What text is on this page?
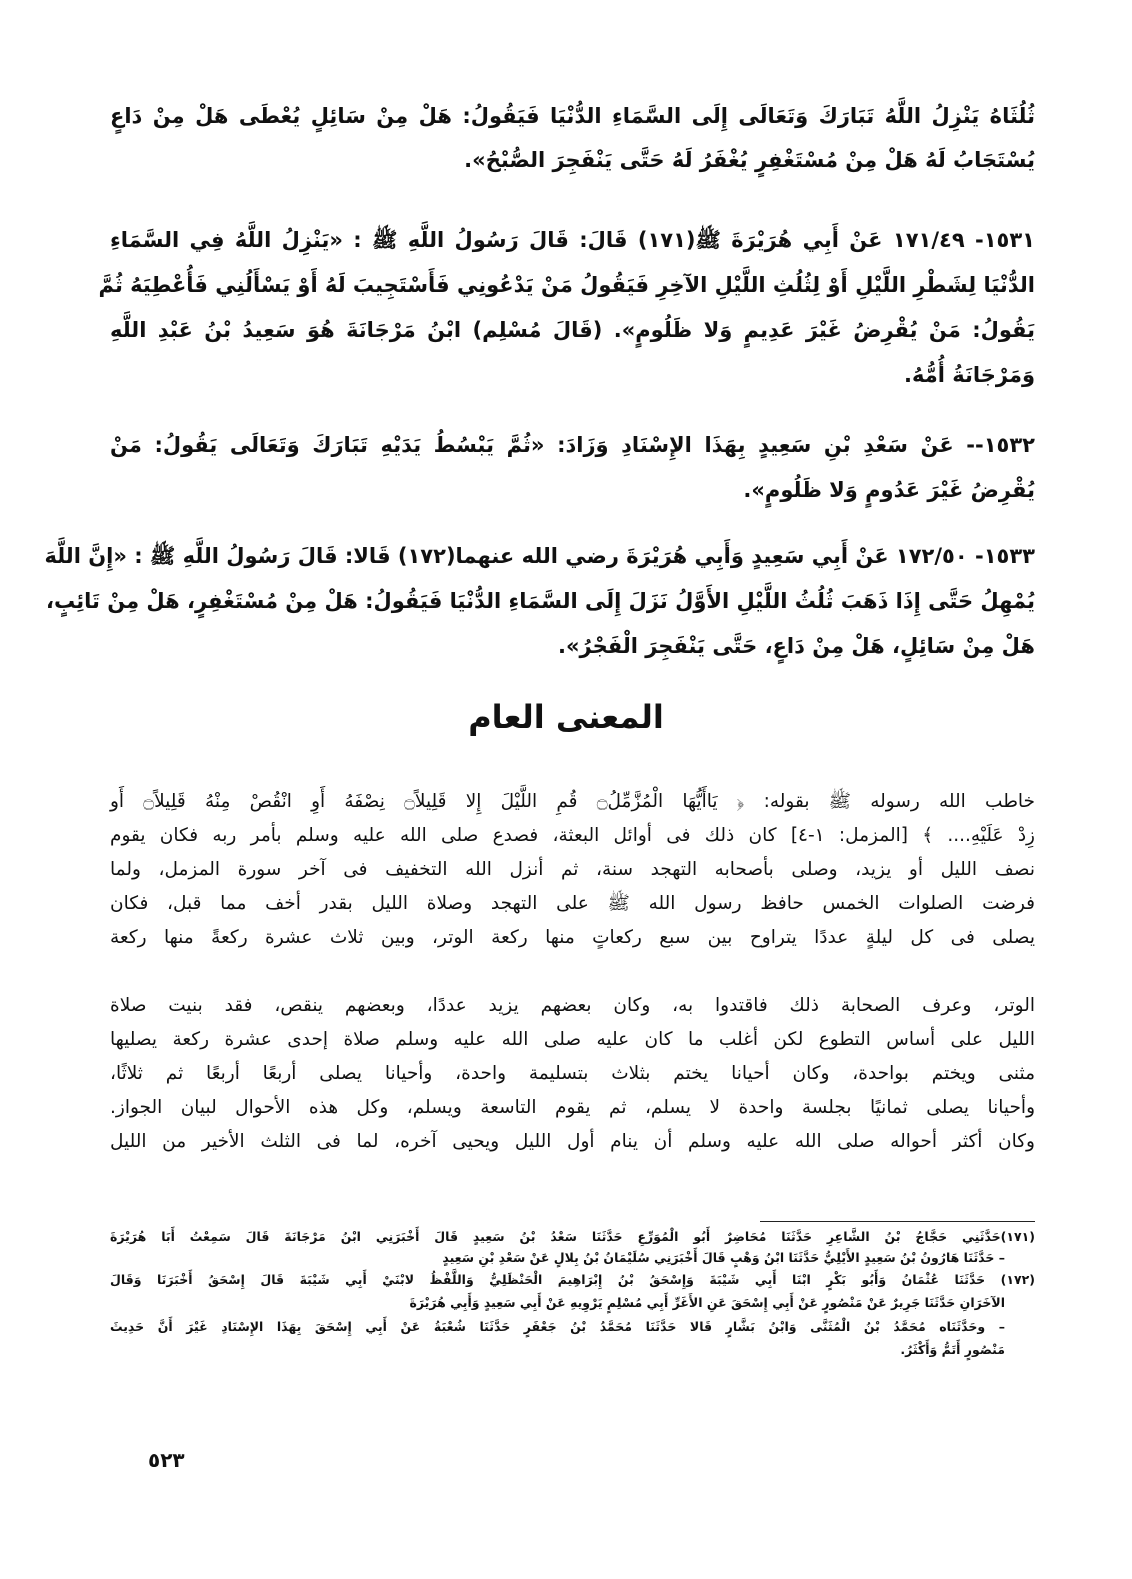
ثُلُثَاهُ يَنْزِلُ اللَّهُ تَبَارَكَ وَتَعَالَى إِلَى السَّمَاءِ الدُّنْيَا فَيَقُولُ: هَلْ مِنْ سَائِلٍ يُعْطَى هَلْ مِنْ دَاعٍ
يُسْتَجَابُ لَهُ هَلْ مِنْ مُسْتَغْفِرٍ يُغْفَرُ لَهُ حَتَّى يَنْفَجِرَ الصُّبْحُ».
١٥٣١- ١٧١/٤٩ عَنْ أَبِي هُرَيْرَةَ ﷺ(١٧١) قَالَ: قَالَ رَسُولُ اللَّهِ ﷺ : «يَنْزِلُ اللَّهُ فِي السَّمَاءِ
الدُّنْيَا لِشَطْرِ اللَّيْلِ أَوْ لِثُلُثِ اللَّيْلِ الآخِرِ فَيَقُولُ مَنْ يَدْعُونِي فَأَسْتَجِيبَ لَهُ أَوْ يَسْأَلُنِي فَأُعْطِيَهُ ثُمَّ
يَقُولُ: مَنْ يُقْرِضُ غَيْرَ عَدِيمٍ وَلا ظَلُومٍ». (قَالَ مُسْلِم) ابْنُ مَرْجَانَةَ هُوَ سَعِيدُ بْنُ عَبْدِ اللَّهِ
وَمَرْجَانَةُ أُمُّهُ.
١٥٣٢-- عَنْ سَعْدِ بْنِ سَعِيدٍ بِهَذَا الإِسْنَادِ وَزَادَ: «ثُمَّ يَبْسُطُ يَدَيْهِ تَبَارَكَ وَتَعَالَى يَقُولُ: مَنْ
يُقْرِضُ غَيْرَ عَدُومٍ وَلا ظَلُومٍ».
١٥٣٣- ١٧٢/٥٠ عَنْ أَبِي سَعِيدٍ وَأَبِي هُرَيْرَةَ رضي الله عنهما(١٧٢) قَالا: قَالَ رَسُولُ اللَّهِ ﷺ : «إِنَّ اللَّهَ
يُمْهِلُ حَتَّى إِذَا ذَهَبَ ثُلُثُ اللَّيْلِ الأَوَّلُ نَزَلَ إِلَى السَّمَاءِ الدُّنْيَا فَيَقُولُ: هَلْ مِنْ مُسْتَغْفِرٍ، هَلْ مِنْ تَائِبٍ،
هَلْ مِنْ سَائِلٍ، هَلْ مِنْ دَاعٍ، حَتَّى يَنْفَجِرَ الْفَجْرُ».
المعنى العام
خاطب الله رسوله ﷺ بقوله: ﴿ يَاأَيُّهَا الْمُزَّمِّلُ۝ قُمِ اللَّيْلَ إِلا قَلِيلاً۝ نِصْفَهُ أَوِ انْقُصْ مِنْهُ قَلِيلاً۝ أَو
زِدْ عَلَيْهِ.... ﴾ [المزمل: ١-٤] كان ذلك فى أوائل البعثة، فصدع صلى الله عليه وسلم بأمر ربه فكان يقوم
نصف الليل أو يزيد، وصلى بأصحابه التهجد سنة، ثم أنزل الله التخفيف فى آخر سورة المزمل، ولما
فرضت الصلوات الخمس حافظ رسول الله ﷺ على التهجد وصلاة الليل بقدر أخف مما قبل، فكان
يصلى فى كل ليلةٍ عددًا يتراوح بين سبع ركعاتٍ منها ركعة الوتر، وبين ثلاث عشرة ركعةً منها ركعة
الوتر، وعرف الصحابة ذلك فاقتدوا به، وكان بعضهم يزيد عددًا، وبعضهم ينقص، فقد بنيت صلاة
الليل على أساس التطوع لكن أغلب ما كان عليه صلى الله عليه وسلم صلاة إحدى عشرة ركعة يصليها
مثنى ويختم بواحدة، وكان أحيانا يختم بثلاث بتسليمة واحدة، وأحيانا يصلى أربعًا أربعًا ثم ثلاثًا،
وأحيانا يصلى ثمانيًا بجلسة واحدة لا يسلم، ثم يقوم التاسعة ويسلم، وكل هذه الأحوال لبيان الجواز.
وكان أكثر أحواله صلى الله عليه وسلم أن ينام أول الليل ويحيى آخره، لما فى الثلث الأخير من الليل
(١٧١)حَدَّثَنِي حَجَّاجُ بْنُ الشَّاعِرِ حَدَّثَنَا مُحَاضِرٌ أَبُو الْمُوَرِّعِ حَدَّثَنَا سَعْدُ بْنُ سَعِيدٍ قَالَ أَخْبَرَنِي ابْنُ مَرْجَانَةَ قَالَ سَمِعْتُ أَبَا هُرَيْرَةَ
– حَدَّثَنَا هَارُونُ بْنُ سَعِيدٍ الأَيْلِيُّ حَدَّثَنَا ابْنُ وَهْبٍ قَالَ أَخْبَرَنِي سُلَيْمَانُ بْنُ بِلالٍ عَنْ سَعْدِ بْنِ سَعِيدٍ
(١٧٢) حَدَّثَنَا عُثْمَانُ وَأَبُو بَكْرٍ ابْنَا أَبِي شَيْبَةَ وَإِسْحَقُ بْنُ إِبْرَاهِيمَ الْحَنْظَلِيُّ وَاللَّفْظُ لابْنَيْ أَبِي شَيْبَةَ قَالَ إِسْحَقُ أَخْبَرَنَا وَقَالَ
الآخَرَانِ حَدَّثَنَا جَرِيرٌ عَنْ مَنْصُورٍ عَنْ أَبِي إِسْحَقَ عَنِ الأَغَرِّ أَبِي مُسْلِمٍ يَرْوِيهِ عَنْ أَبِي سَعِيدٍ وَأَبِي هُرَيْرَةَ
– وحَدَّثَنَاه مُحَمَّدُ بْنُ الْمُثَنَّى وَابْنُ بَشَّارٍ قَالا حَدَّثَنَا مُحَمَّدُ بْنُ جَعْفَرٍ حَدَّثَنَا شُعْبَةُ عَنْ أَبِي إِسْحَقَ بِهَذَا الإِسْنَادِ غَيْرَ أَنَّ حَدِيثَ
مَنْصُورٍ أَتَمُّ وَأَكْثَرُ.
٥٢٣
